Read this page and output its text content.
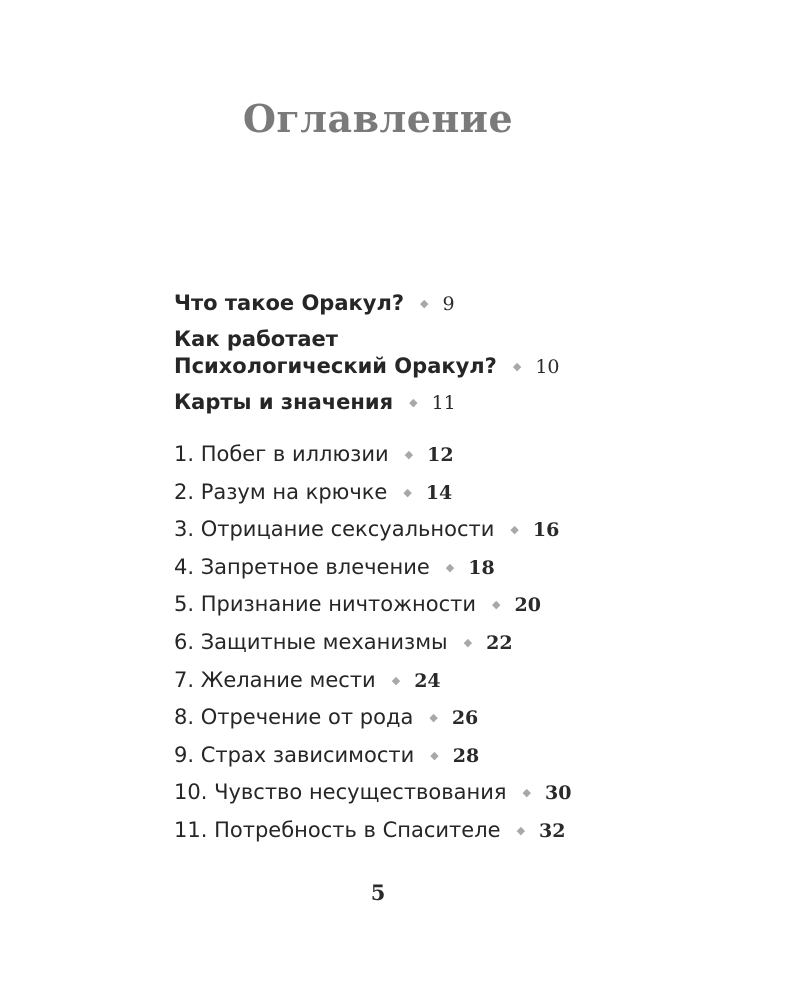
Оглавление

Что такое Оракул? ◆ 9

Как работает
Психологический Оракул? ◆ 10

Карты и значения ◆ 11

1. Побег в иллюзии ◆ 12

2. Разум на крючке ◆ 14

3. Отрицание сексуальности ◆ 16

4. Запретное влечение ◆ 18

5. Признание ничтожности ◆ 20

6. Защитные механизмы ◆ 22

7. Желание мести ◆ 24

8. Отречение от рода ◆ 26

9. Страх зависимости ◆ 28

10. Чувство несуществования ◆ 30

11. Потребность в Спасителе ◆ 32

5
